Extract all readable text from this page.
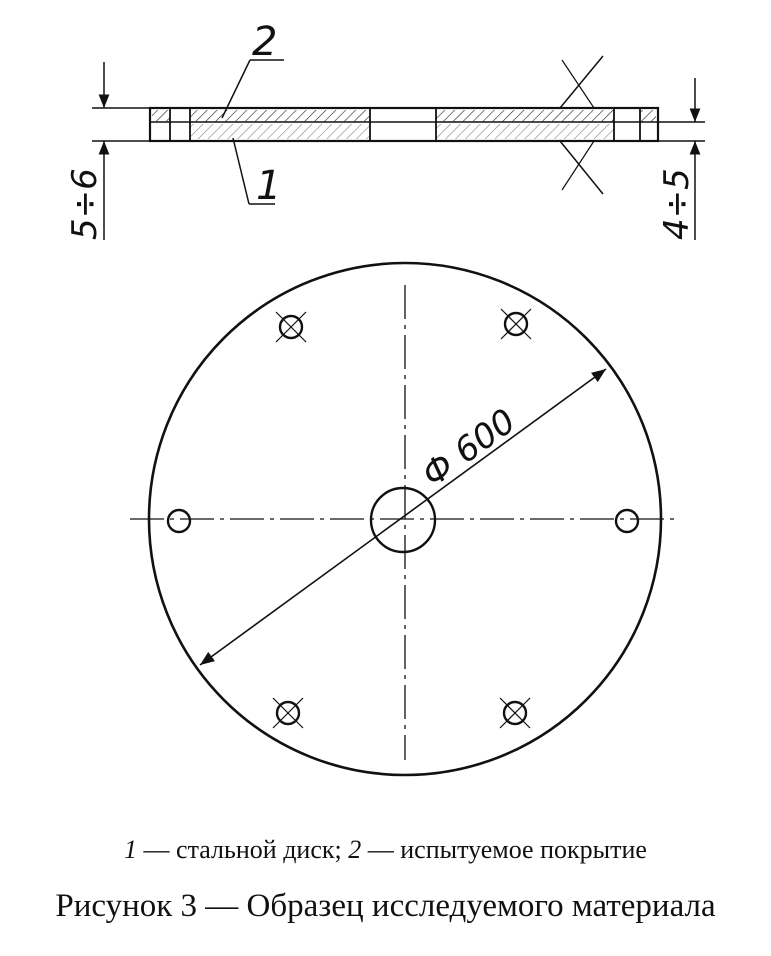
5÷6	4÷5
2
1
Ф 600
1 — стальной диск; 2 — испытуемое покрытие
Рисунок 3 — Образец исследуемого материала
